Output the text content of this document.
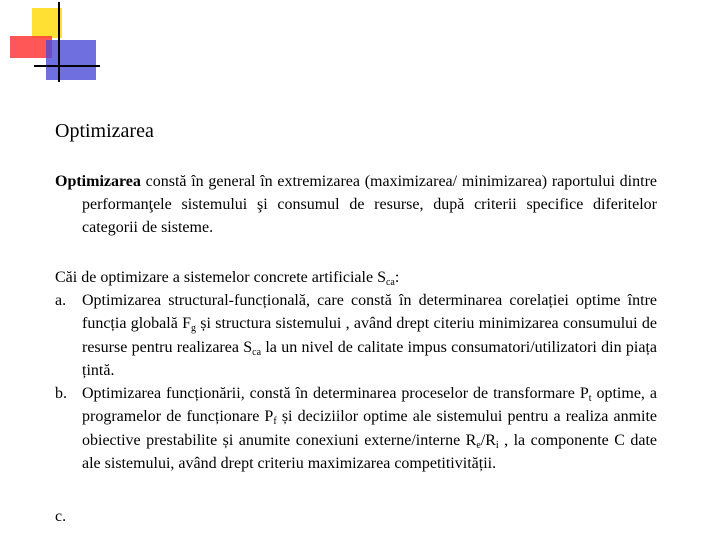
Optimizarea

Optimizarea constă în general în extremizarea (maximizarea/ minimizarea) raportului dintre performanţele sistemului şi consumul de resurse, după criterii specifice diferitelor categorii de sisteme.

Căi de optimizare a sistemelor concrete artificiale $S_{ca}$:

a. Optimizarea structural-funcțională, care constă în determinarea corelației optime între funcția globală $F_g$ și structura sistemului , având drept citeriu minimizarea consumului de resurse pentru realizarea $S_{ca}$ la un nivel de calitate impus consumatori/utilizatori din piața țintă.
b. Optimizarea funcționării, constă în determinarea proceselor de transformare $P_t$ optime, a programelor de funcționare $P_f$ și deciziilor optime ale sistemului pentru a realiza anmite obiective prestabilite și anumite conexiuni externe/interne $R_e/R_i$ , la componente C date ale sistemului, având drept criteriu maximizarea competitivității.
c.
